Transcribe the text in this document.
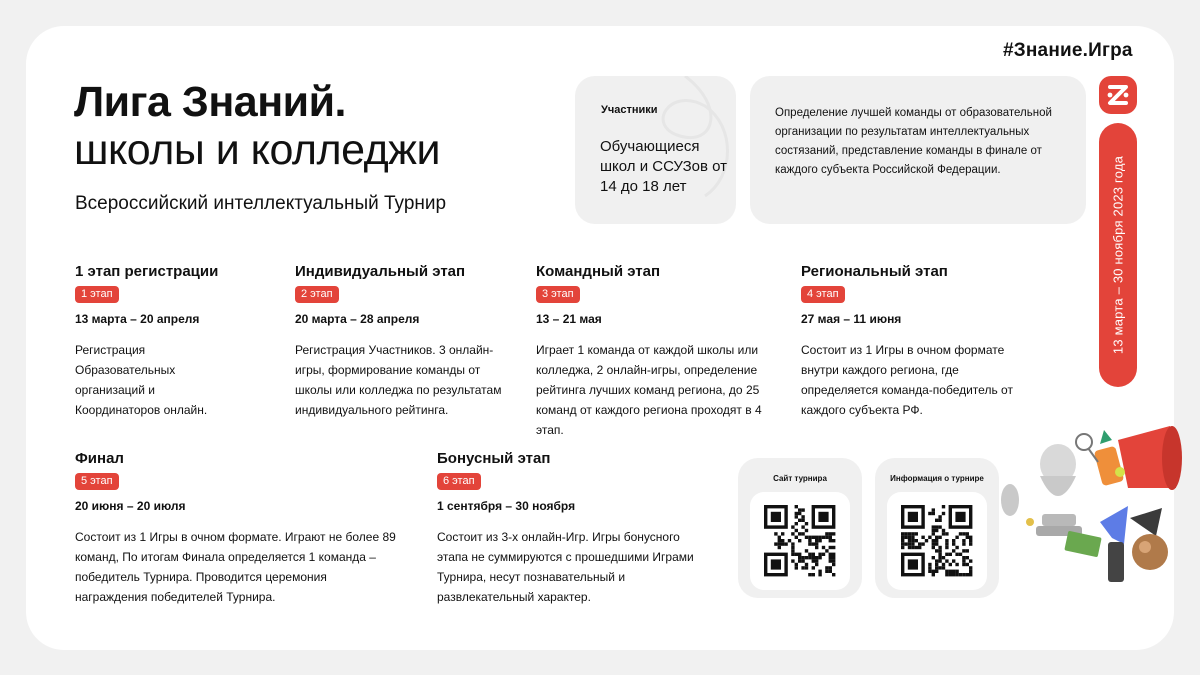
#Знание.Игра
Лига Знаний.
школы и колледжи
Всероссийский интеллектуальный Турнир
Участники
Обучающиеся школ и ССУЗов от 14 до 18 лет
Определение лучшей команды от образовательной организации по результатам интеллектуальных состязаний, представление команды в финале от каждого субъекта Российской Федерации.	13 марта – 30 ноября 2023 года
1 этап регистрации
1 этап
13 марта – 20 апреля
Регистрация Образовательных организаций и Координаторов онлайн.
Индивидуальный этап
2 этап
20 марта – 28 апреля
Регистрация Участников. 3 онлайн-игры, формирование команды от школы или колледжа по результатам индивидуального рейтинга.
Командный этап
3 этап
13 – 21 мая
Играет 1 команда от каждой школы или колледжа, 2 онлайн-игры, определение рейтинга лучших команд региона, до 25 команд от каждого региона проходят в 4 этап.
Региональный этап
4 этап
27 мая – 11 июня
Состоит из 1 Игры в очном формате внутри каждого региона, где определяется команда-победитель от каждого субъекта РФ.
Финал
5 этап
20 июня – 20 июля
Состоит из 1 Игры в очном формате. Играют не более 89 команд, По итогам Финала определяется 1 команда – победитель Турнира. Проводится церемония награждения победителей Турнира.
Бонусный этап
6 этап
1 сентября – 30 ноября
Состоит из 3-х онлайн-Игр. Игры бонусного этапа не суммируются с прошедшими Играми Турнира, несут познавательный и развлекательный характер.
Сайт турнира	Информация о турнире
